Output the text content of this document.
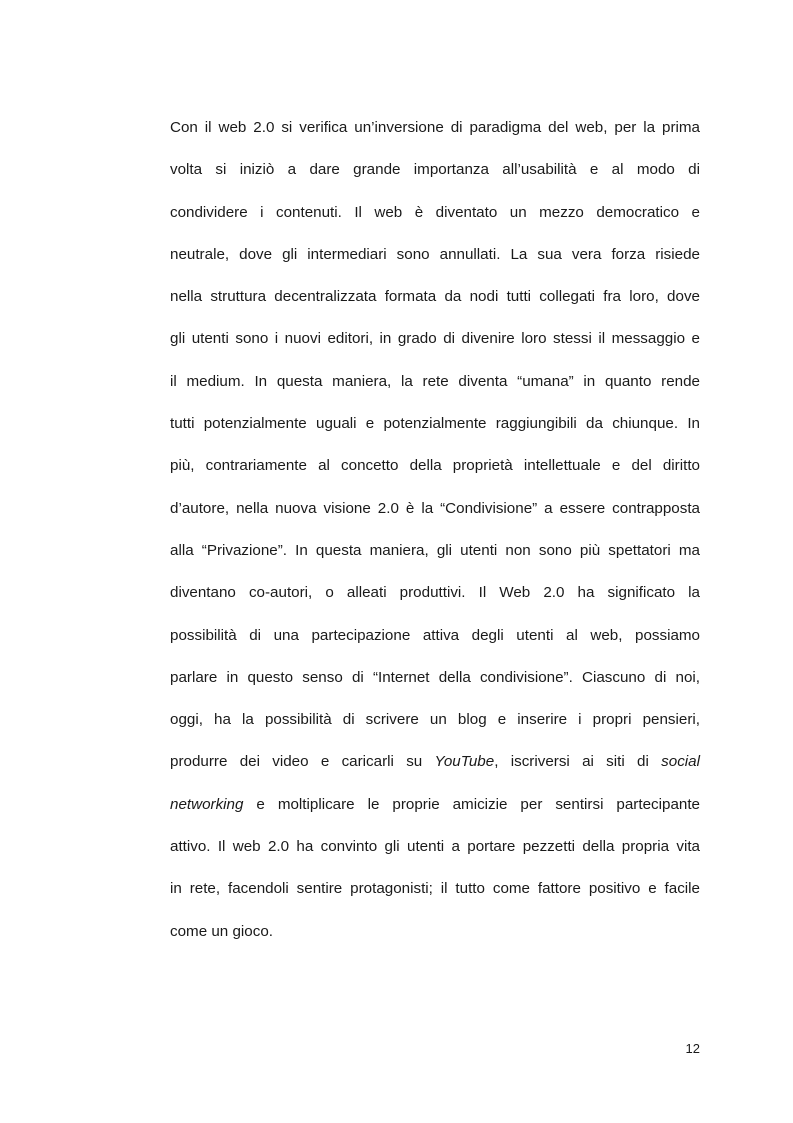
Con il web 2.0 si verifica un’inversione di paradigma del web, per la prima
volta si iniziò a dare grande importanza all’usabilità e al modo di
condividere i contenuti. Il web è diventato un mezzo democratico e
neutrale, dove gli intermediari sono annullati. La sua vera forza risiede
nella struttura decentralizzata formata da nodi tutti collegati fra loro, dove
gli utenti sono i nuovi editori, in grado di divenire loro stessi il messaggio e
il medium. In questa maniera, la rete diventa “umana” in quanto rende
tutti potenzialmente uguali e potenzialmente raggiungibili da chiunque. In
più, contrariamente al concetto della proprietà intellettuale e del diritto
d’autore, nella nuova visione 2.0 è la “Condivisione” a essere contrapposta
alla “Privazione”. In questa maniera, gli utenti non sono più spettatori ma
diventano co-autori, o alleati produttivi. Il Web 2.0 ha significato la
possibilità di una partecipazione attiva degli utenti al web, possiamo
parlare in questo senso di “Internet della condivisione”. Ciascuno di noi,
oggi, ha la possibilità di scrivere un blog e inserire i propri pensieri,
produrre dei video e caricarli su YouTube, iscriversi ai siti di social
networking e moltiplicare le proprie amicizie per sentirsi partecipante
attivo. Il web 2.0 ha convinto gli utenti a portare pezzetti della propria vita
in rete, facendoli sentire protagonisti; il tutto come fattore positivo e facile
come un gioco.
12
